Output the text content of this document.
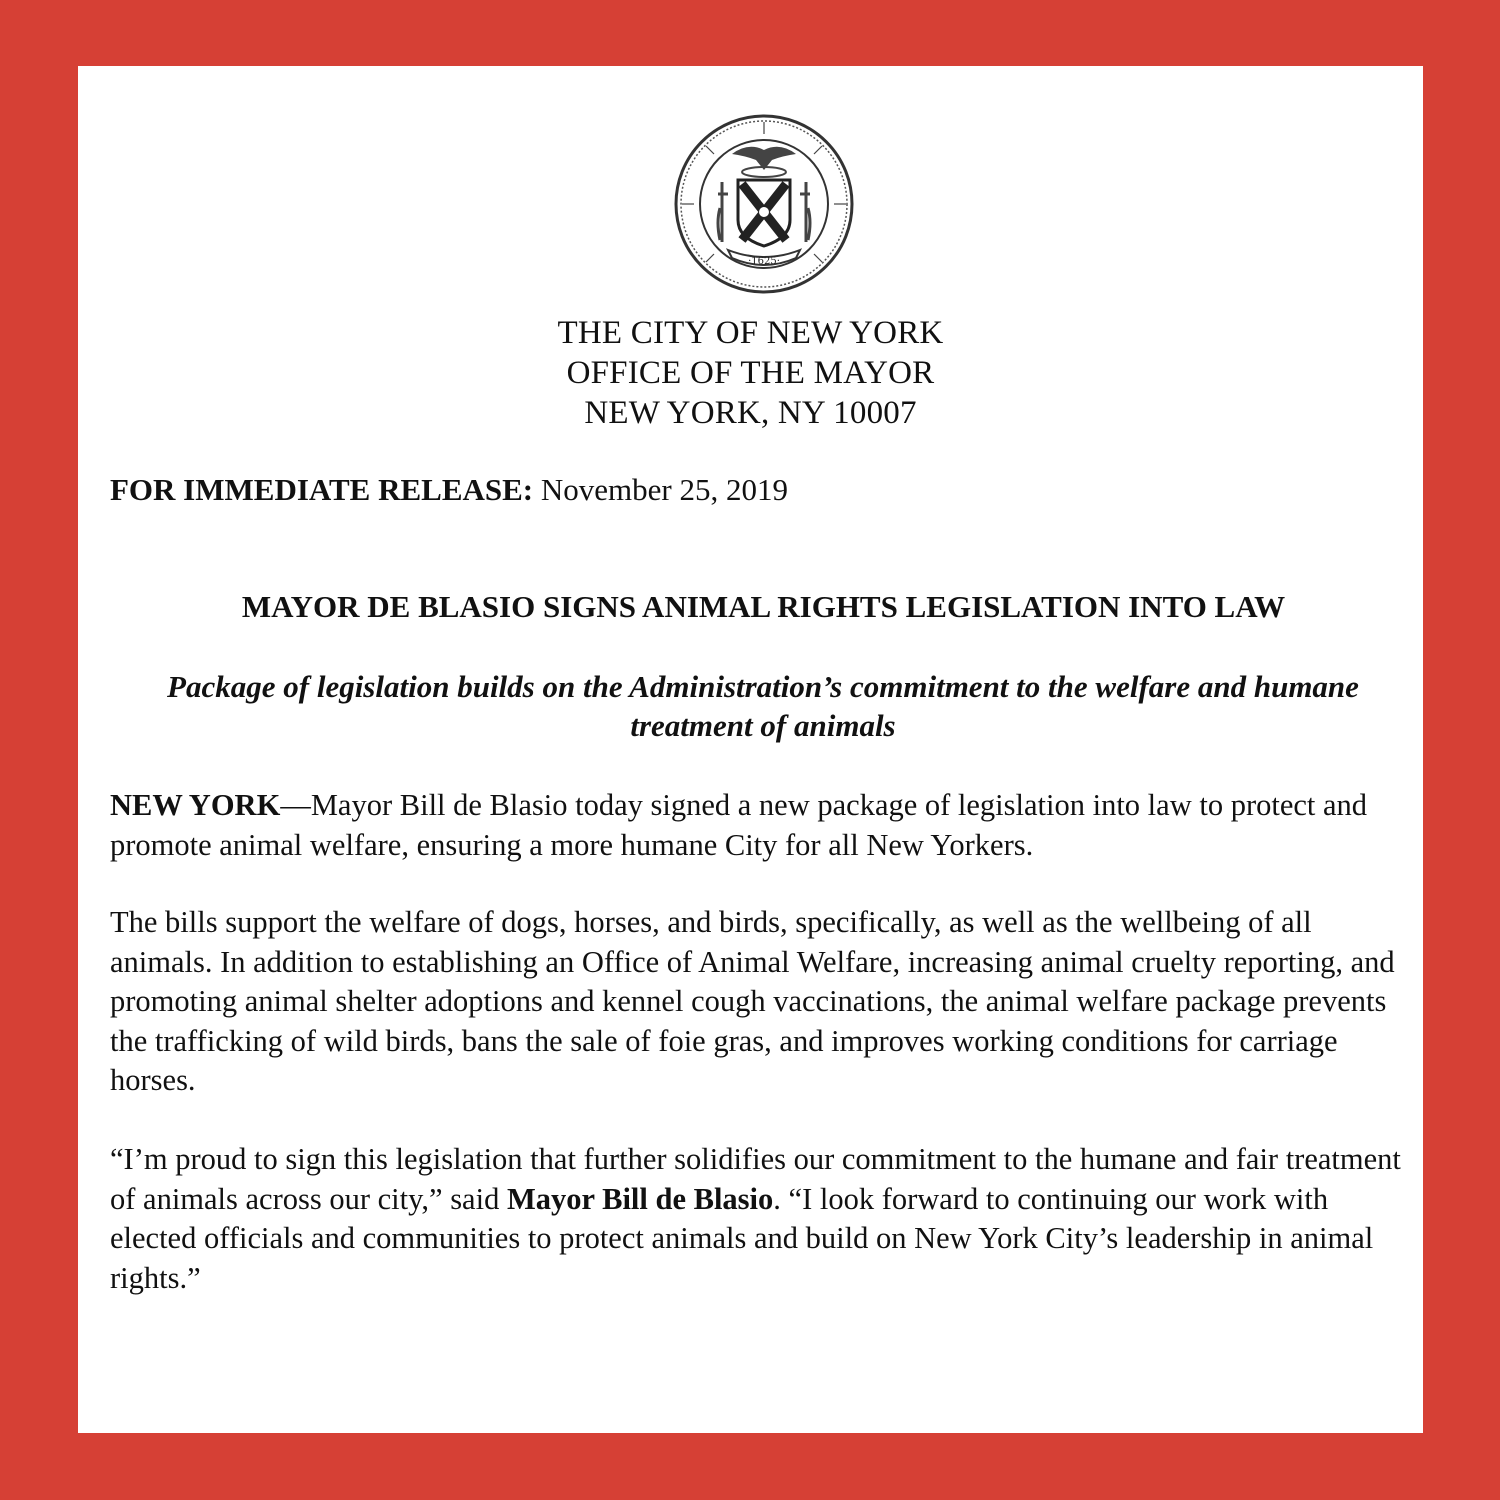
·1625·
THE CITY OF NEW YORK
OFFICE OF THE MAYOR
NEW YORK, NY 10007
FOR IMMEDIATE RELEASE: November 25, 2019
MAYOR DE BLASIO SIGNS ANIMAL RIGHTS LEGISLATION INTO LAW
Package of legislation builds on the Administration’s commitment to the welfare and humane treatment of animals
NEW YORK—Mayor Bill de Blasio today signed a new package of legislation into law to protect and promote animal welfare, ensuring a more humane City for all New Yorkers.
The bills support the welfare of dogs, horses, and birds, specifically, as well as the wellbeing of all animals. In addition to establishing an Office of Animal Welfare, increasing animal cruelty reporting, and promoting animal shelter adoptions and kennel cough vaccinations, the animal welfare package prevents the trafficking of wild birds, bans the sale of foie gras, and improves working conditions for carriage horses.
“I’m proud to sign this legislation that further solidifies our commitment to the humane and fair treatment of animals across our city,” said Mayor Bill de Blasio. “I look forward to continuing our work with elected officials and communities to protect animals and build on New York City’s leadership in animal rights.”
